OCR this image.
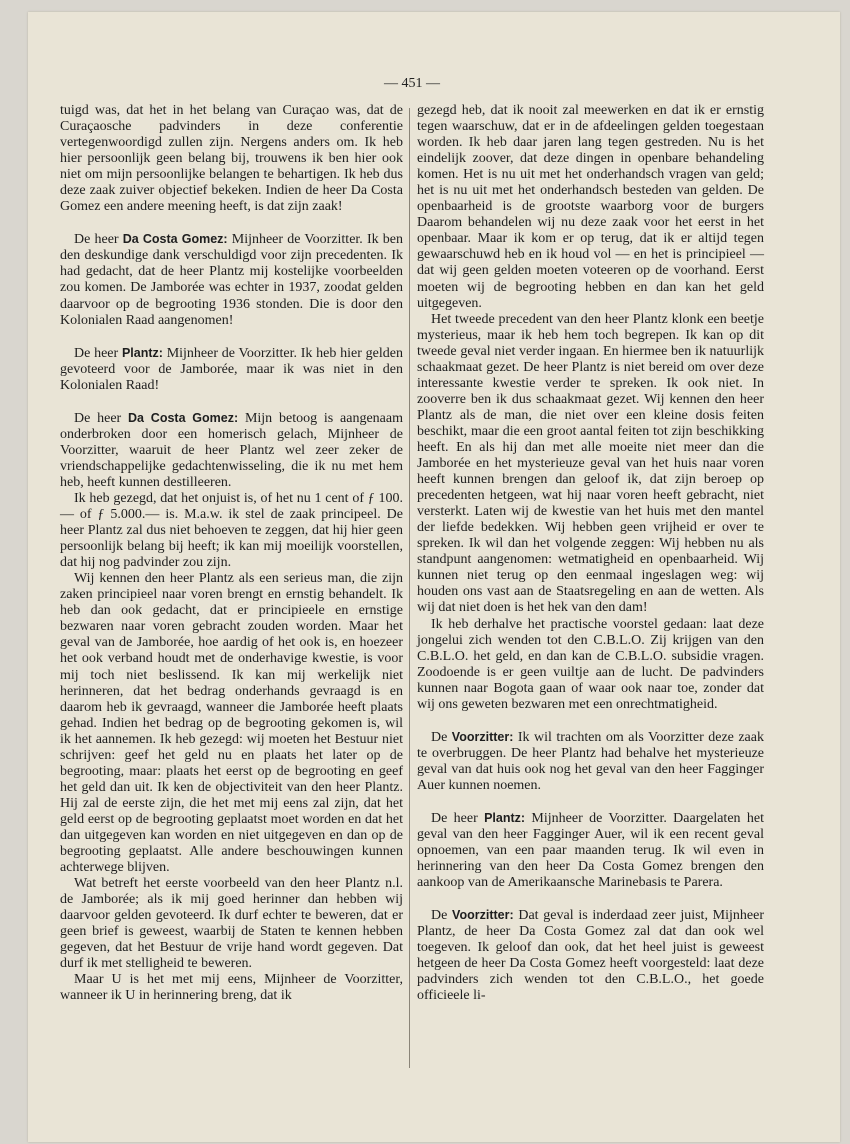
— 451 —

tuigd was, dat het in het belang van Curaçao was, dat de Curaçaosche padvinders in deze conferentie vertegenwoordigd zullen zijn. Nergens anders om. Ik heb hier persoonlijk geen belang bij, trouwens ik ben hier ook niet om mijn persoonlijke belangen te behartigen. Ik heb dus deze zaak zuiver objectief bekeken. Indien de heer Da Costa Gomez een andere meening heeft, is dat zijn zaak!

De heer Da Costa Gomez: Mijnheer de Voorzitter. Ik ben den deskundige dank verschuldigd voor zijn precedenten. Ik had gedacht, dat de heer Plantz mij kostelijke voorbeelden zou komen. De Jamborée was echter in 1937, zoodat gelden daarvoor op de begrooting 1936 stonden. Die is door den Kolonialen Raad aangenomen!

De heer Plantz: Mijnheer de Voorzitter. Ik heb hier gelden gevoteerd voor de Jamborée, maar ik was niet in den Kolonialen Raad!

De heer Da Costa Gomez: Mijn betoog is aangenaam onderbroken door een homerisch gelach, Mijnheer de Voorzitter, waaruit de heer Plantz wel zeer zeker de vriendschappelijke gedachtenwisseling, die ik nu met hem heb, heeft kunnen destilleeren.

Ik heb gezegd, dat het onjuist is, of het nu 1 cent of ƒ 100.— of ƒ 5.000.— is. M.a.w. ik stel de zaak principeel. De heer Plantz zal dus niet behoeven te zeggen, dat hij hier geen persoonlijk belang bij heeft; ik kan mij moeilijk voorstellen, dat hij nog padvinder zou zijn.

Wij kennen den heer Plantz als een serieus man, die zijn zaken principieel naar voren brengt en ernstig behandelt. Ik heb dan ook gedacht, dat er principieele en ernstige bezwaren naar voren gebracht zouden worden. Maar het geval van de Jamborée, hoe aardig of het ook is, en hoezeer het ook verband houdt met de onderhavige kwestie, is voor mij toch niet beslissend. Ik kan mij werkelijk niet herinneren, dat het bedrag onderhands gevraagd is en daarom heb ik gevraagd, wanneer die Jamborée heeft plaats gehad. Indien het bedrag op de begrooting gekomen is, wil ik het aannemen. Ik heb gezegd: wij moeten het Bestuur niet schrijven: geef het geld nu en plaats het later op de begrooting, maar: plaats het eerst op de begrooting en geef het geld dan uit. Ik ken de objectiviteit van den heer Plantz. Hij zal de eerste zijn, die het met mij eens zal zijn, dat het geld eerst op de begrooting geplaatst moet worden en dat het dan uitgegeven kan worden en niet uitgegeven en dan op de begrooting geplaatst. Alle andere beschouwingen kunnen achterwege blijven.

Wat betreft het eerste voorbeeld van den heer Plantz n.l. de Jamborée; als ik mij goed herinner dan hebben wij daarvoor gelden gevoteerd. Ik durf echter te beweren, dat er geen brief is geweest, waarbij de Staten te kennen hebben gegeven, dat het Bestuur de vrije hand wordt gegeven. Dat durf ik met stelligheid te beweren.

Maar U is het met mij eens, Mijnheer de Voorzitter, wanneer ik U in herinnering breng, dat ik

gezegd heb, dat ik nooit zal meewerken en dat ik er ernstig tegen waarschuw, dat er in de afdeelingen gelden toegestaan worden. Ik heb daar jaren lang tegen gestreden. Nu is het eindelijk zoover, dat deze dingen in openbare behandeling komen. Het is nu uit met het onderhandsch vragen van geld; het is nu uit met het onderhandsch besteden van gelden. De openbaarheid is de grootste waarborg voor de burgers Daarom behandelen wij nu deze zaak voor het eerst in het openbaar. Maar ik kom er op terug, dat ik er altijd tegen gewaarschuwd heb en ik houd vol — en het is principieel — dat wij geen gelden moeten voteeren op de voorhand. Eerst moeten wij de begrooting hebben en dan kan het geld uitgegeven.

Het tweede precedent van den heer Plantz klonk een beetje mysterieus, maar ik heb hem toch begrepen. Ik kan op dit tweede geval niet verder ingaan. En hiermee ben ik natuurlijk schaakmaat gezet. De heer Plantz is niet bereid om over deze interessante kwestie verder te spreken. Ik ook niet. In zooverre ben ik dus schaakmaat gezet. Wij kennen den heer Plantz als de man, die niet over een kleine dosis feiten beschikt, maar die een groot aantal feiten tot zijn beschikking heeft. En als hij dan met alle moeite niet meer dan die Jamborée en het mysterieuze geval van het huis naar voren heeft kunnen brengen dan geloof ik, dat zijn beroep op precedenten hetgeen, wat hij naar voren heeft gebracht, niet versterkt. Laten wij de kwestie van het huis met den mantel der liefde bedekken. Wij hebben geen vrijheid er over te spreken. Ik wil dan het volgende zeggen: Wij hebben nu als standpunt aangenomen: wetmatigheid en openbaarheid. Wij kunnen niet terug op den eenmaal ingeslagen weg: wij houden ons vast aan de Staatsregeling en aan de wetten. Als wij dat niet doen is het hek van den dam!

Ik heb derhalve het practische voorstel gedaan: laat deze jongelui zich wenden tot den C.B.L.O. Zij krijgen van den C.B.L.O. het geld, en dan kan de C.B.L.O. subsidie vragen. Zoodoende is er geen vuiltje aan de lucht. De padvinders kunnen naar Bogota gaan of waar ook naar toe, zonder dat wij ons geweten bezwaren met een onrechtmatigheid.

De Voorzitter: Ik wil trachten om als Voorzitter deze zaak te overbruggen. De heer Plantz had behalve het mysterieuze geval van dat huis ook nog het geval van den heer Fagginger Auer kunnen noemen.

De heer Plantz: Mijnheer de Voorzitter. Daargelaten het geval van den heer Fagginger Auer, wil ik een recent geval opnoemen, van een paar maanden terug. Ik wil even in herinnering van den heer Da Costa Gomez brengen den aankoop van de Amerikaansche Marinebasis te Parera.

De Voorzitter: Dat geval is inderdaad zeer juist, Mijnheer Plantz, de heer Da Costa Gomez zal dat dan ook wel toegeven. Ik geloof dan ook, dat het heel juist is geweest hetgeen de heer Da Costa Gomez heeft voorgesteld: laat deze padvinders zich wenden tot den C.B.L.O., het goede officieele li-
